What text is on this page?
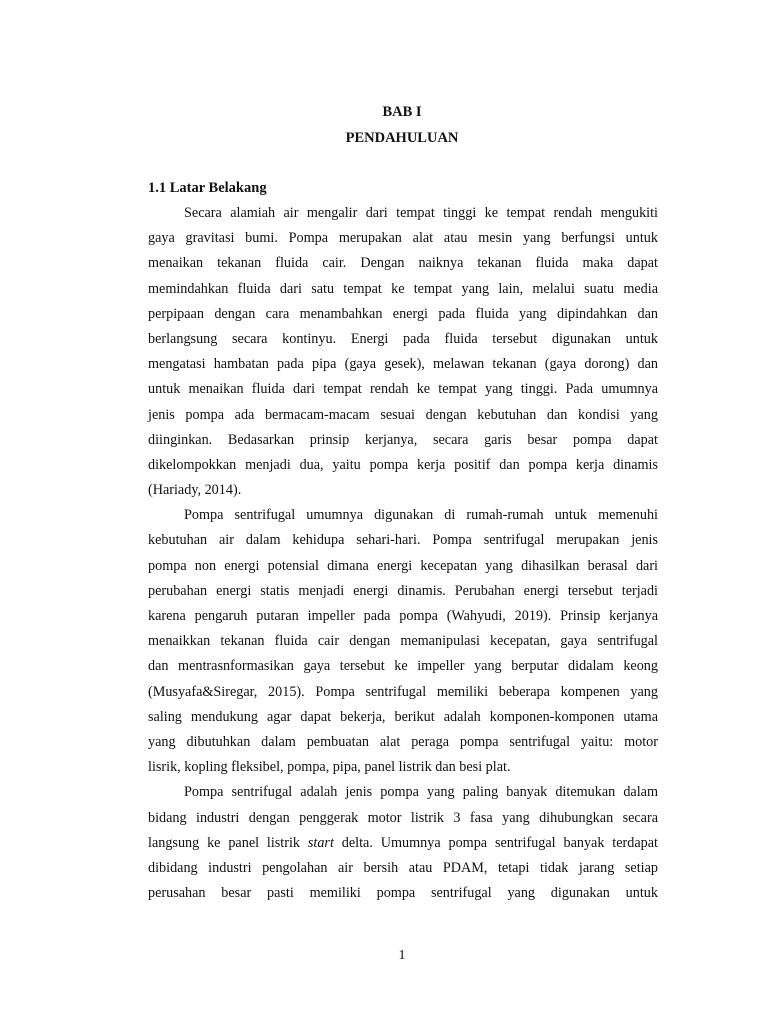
BAB I
PENDAHULUAN
1.1 Latar Belakang
Secara alamiah air mengalir dari tempat tinggi ke tempat rendah mengukiti
gaya gravitasi bumi. Pompa merupakan alat atau mesin yang berfungsi untuk
menaikan tekanan fluida cair. Dengan naiknya tekanan fluida maka dapat
memindahkan fluida dari satu tempat ke tempat yang lain, melalui suatu media
perpipaan dengan cara menambahkan energi pada fluida yang dipindahkan dan
berlangsung secara kontinyu. Energi pada fluida tersebut digunakan untuk
mengatasi hambatan pada pipa (gaya gesek), melawan tekanan (gaya dorong) dan
untuk menaikan fluida dari tempat rendah ke tempat yang tinggi. Pada umumnya
jenis pompa ada bermacam-macam sesuai dengan kebutuhan dan kondisi yang
diinginkan. Bedasarkan prinsip kerjanya, secara garis besar pompa dapat
dikelompokkan menjadi dua, yaitu pompa kerja positif dan pompa kerja dinamis
(Hariady, 2014).
Pompa sentrifugal umumnya digunakan di rumah-rumah untuk memenuhi
kebutuhan air dalam kehidupa sehari-hari. Pompa sentrifugal merupakan jenis
pompa non energi potensial dimana energi kecepatan yang dihasilkan berasal dari
perubahan energi statis menjadi energi dinamis. Perubahan energi tersebut terjadi
karena pengaruh putaran impeller pada pompa (Wahyudi, 2019). Prinsip kerjanya
menaikkan tekanan fluida cair dengan memanipulasi kecepatan, gaya sentrifugal
dan mentrasnformasikan gaya tersebut ke impeller yang berputar didalam keong
(Musyafa&Siregar, 2015). Pompa sentrifugal memiliki beberapa kompenen yang
saling mendukung agar dapat bekerja, berikut adalah komponen-komponen utama
yang dibutuhkan dalam pembuatan alat peraga pompa sentrifugal yaitu: motor
lisrik, kopling fleksibel, pompa, pipa, panel listrik dan besi plat.
Pompa sentrifugal adalah jenis pompa yang paling banyak ditemukan dalam
bidang industri dengan penggerak motor listrik 3 fasa yang dihubungkan secara
langsung ke panel listrik start delta. Umumnya pompa sentrifugal banyak terdapat
dibidang industri pengolahan air bersih atau PDAM, tetapi tidak jarang setiap
perusahan besar pasti memiliki pompa sentrifugal yang digunakan untuk
1
